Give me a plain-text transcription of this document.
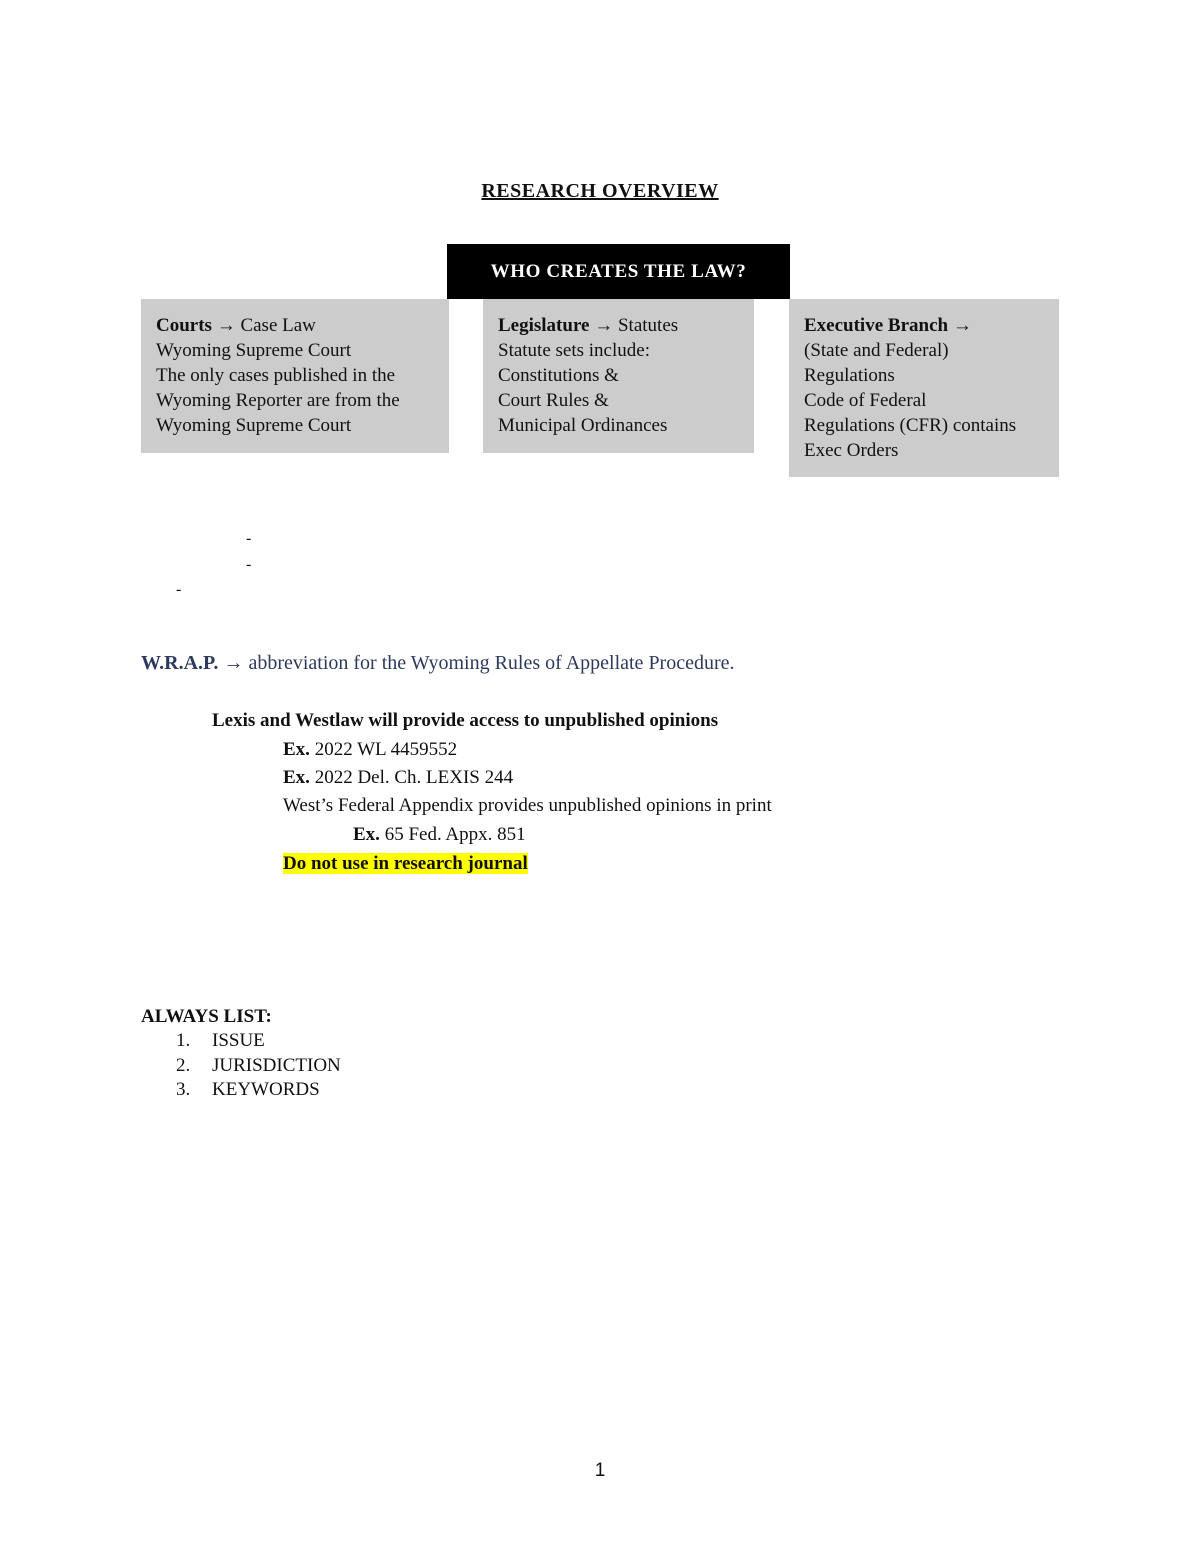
RESEARCH OVERVIEW
WHO CREATES THE LAW?
Courts → Case Law
Wyoming Supreme Court
The only cases published in the
Wyoming Reporter are from the
Wyoming Supreme Court
Legislature → Statutes
Statute sets include:
Constitutions &
Court Rules &
Municipal Ordinances
Executive Branch →
(State and Federal)
Regulations
Code of Federal
Regulations (CFR) contains
Exec Orders
-
-
-
W.R.A.P. → abbreviation for the Wyoming Rules of Appellate Procedure.
Lexis and Westlaw will provide access to unpublished opinions
Ex. 2022 WL 4459552
Ex. 2022 Del. Ch. LEXIS 244
West’s Federal Appendix provides unpublished opinions in print
Ex. 65 Fed. Appx. 851
Do not use in research journal
ALWAYS LIST:
1. ISSUE
2. JURISDICTION
3. KEYWORDS
1
